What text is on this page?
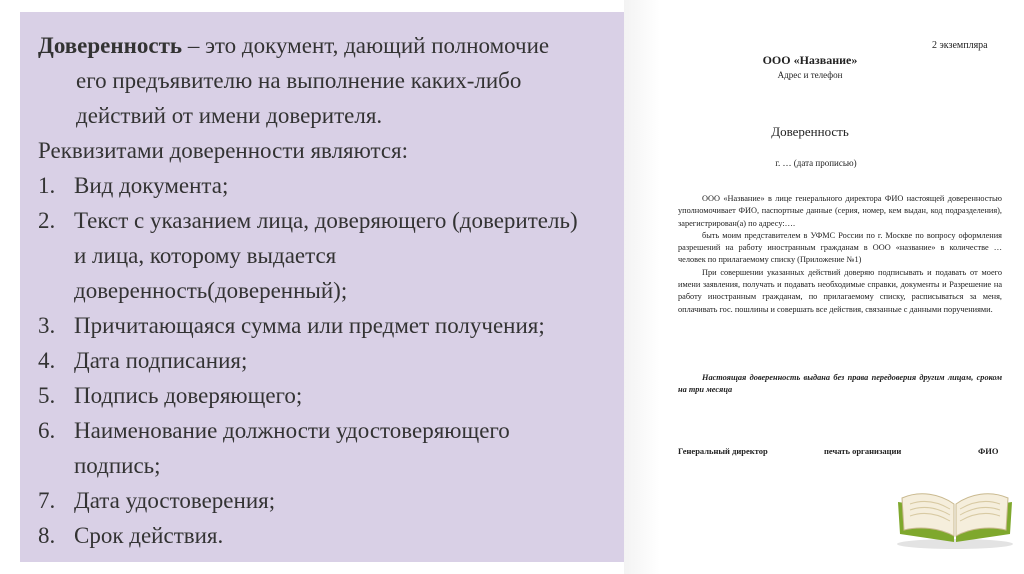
Доверенность – это документ, дающий полномочие

его предъявителю на выполнение каких-либо

действий от имени доверителя.

Реквизитами доверенности являются:

1. Вид документа;
2. Текст с указанием лица, доверяющего (доверитель)
и лица, которому выдается
доверенность(доверенный);
3. Причитающаяся сумма или предмет получения;
4. Дата подписания;
5. Подпись доверяющего;
6. Наименование должности удостоверяющего
подпись;
7. Дата удостоверения;
8. Срок действия.
2 экземпляра
ООО «Название»
Адрес и телефон
Доверенность
г. … (дата прописью)

ООО «Название» в лице генерального директора ФИО настоящей доверенностью уполномочивает ФИО, паспортные данные (серия, номер, кем выдан, код подразделения), зарегистрирован(а) по адресу:….

быть моим представителем в УФМС России по г. Москве по вопросу оформления разрешений на работу иностранным гражданам в ООО «название» в количестве … человек по прилагаемому списку (Приложение №1)

При совершении указанных действий доверяю подписывать и подавать от моего имени заявления, получать и подавать необходимые справки, документы и Разрешение на работу иностранным гражданам, по прилагаемому списку, расписываться за меня, оплачивать гос. пошлины и совершать все действия, связанные с данными поручениями.

Настоящая доверенность выдана без права передоверия другим лицам, сроком на три месяца
Генеральный директор	печать организации	ФИО
